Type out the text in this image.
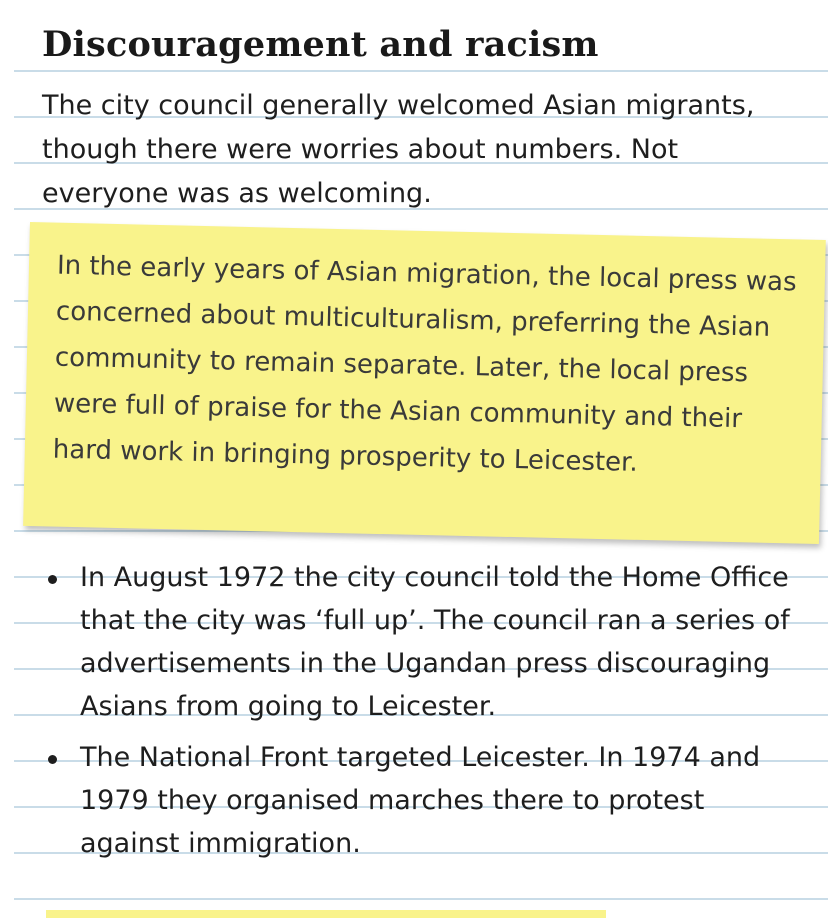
Discouragement and racism

The city council generally welcomed Asian migrants, though there were worries about numbers. Not everyone was as welcoming.

In the early years of Asian migration, the local press was concerned about multiculturalism, preferring the Asian community to remain separate. Later, the local press were full of praise for the Asian community and their hard work in bringing prosperity to Leicester.

In August 1972 the city council told the Home Office that the city was ‘full up’. The council ran a series of advertisements in the Ugandan press discouraging Asians from going to Leicester.
The National Front targeted Leicester. In 1974 and 1979 they organised marches there to protest against immigration.
